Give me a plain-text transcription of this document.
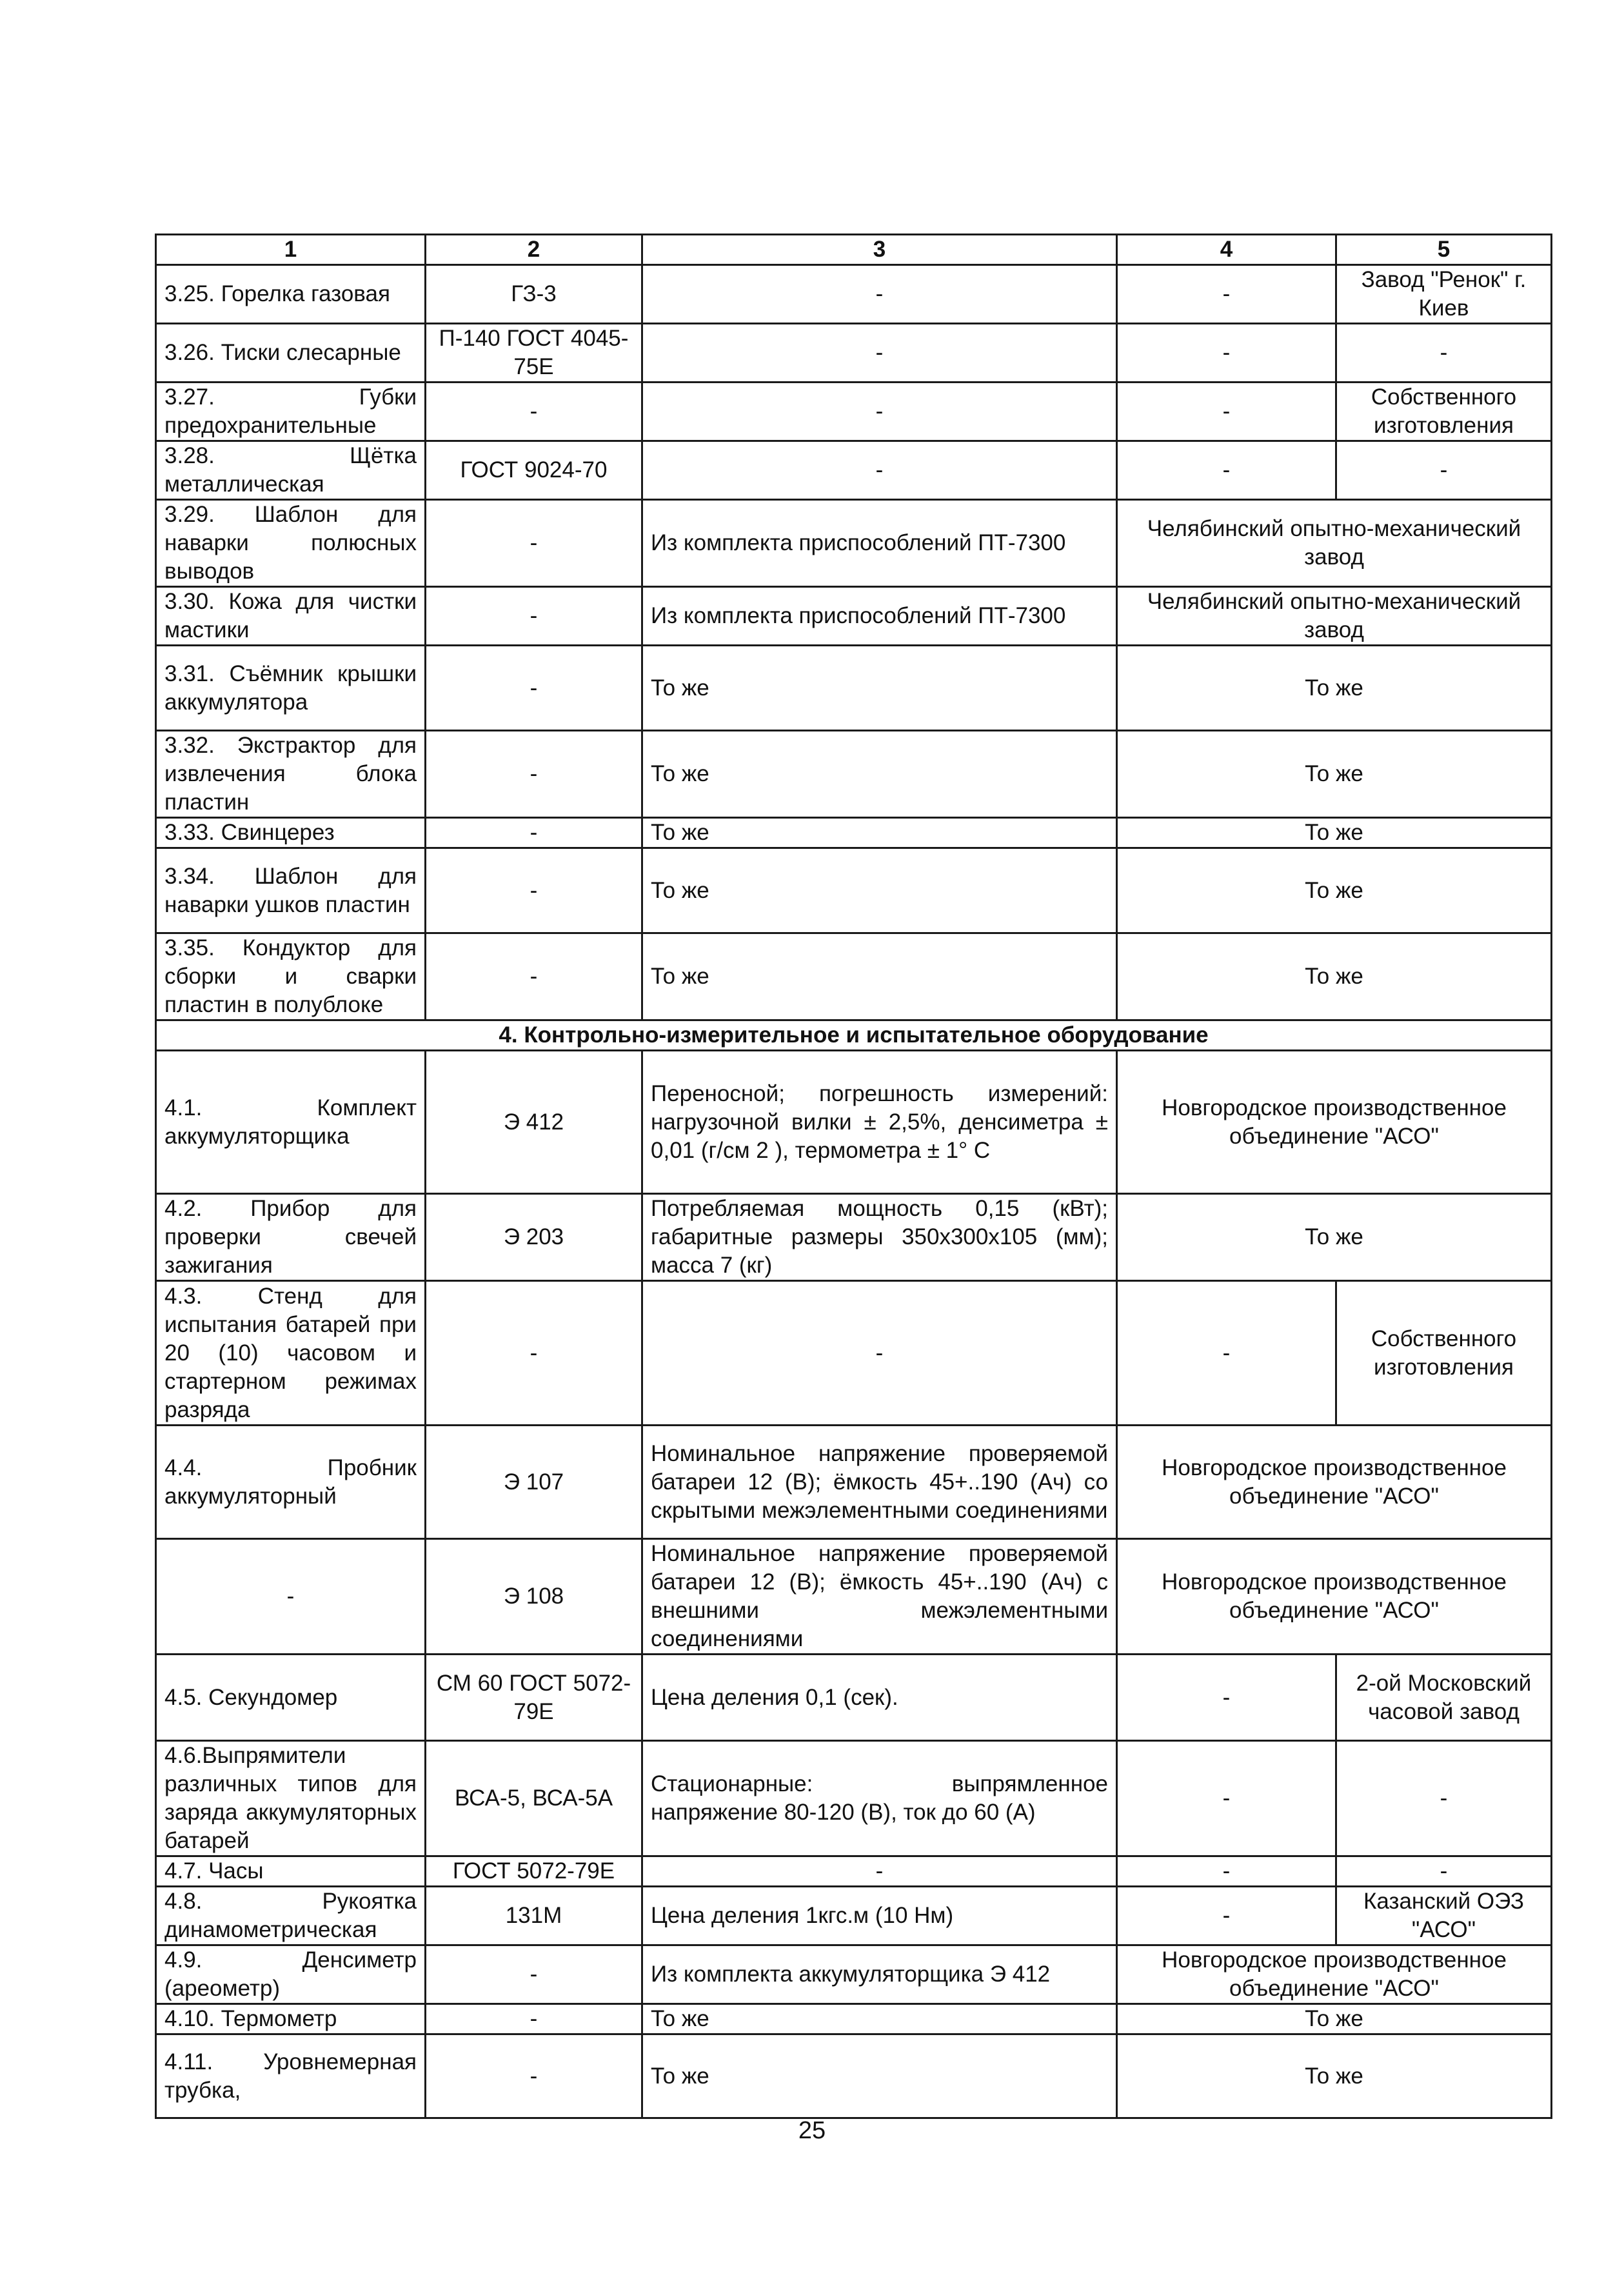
1	2	3	4	5
3.25. Горелка газовая	ГЗ-3	-	-	Завод "Ренок" г. Киев
3.26. Тиски слесарные	П-140 ГОСТ 4045-75Е	-	-	-
3.27. Губки предохранительные	-	-	-	Собственного изготовления
3.28. Щётка металлическая	ГОСТ 9024-70	-	-	-
3.29. Шаблон для наварки полюсных выводов	-	Из комплекта приспособлений ПТ-7300	Челябинский опытно-механический завод	
3.30. Кожа для чистки мастики	-	Из комплекта приспособлений ПТ-7300	Челябинский опытно-механический завод	
3.31. Съёмник крышки аккумулятора	-	То же	То же	
3.32. Экстрактор для извлечения блока пластин	-	То же	То же	
3.33. Свинцерез	-	То же	То же	
3.34. Шаблон для наварки ушков пластин	-	То же	То же	
3.35. Кондуктор для сборки и сварки пластин в полублоке	-	То же	То же	
4. Контрольно-измерительное и испытательное оборудование				
4.1. Комплект аккумуляторщика	Э 412	Переносной; погрешность измерений: нагрузочной вилки ± 2,5%, денсиметра ± 0,01 (г/см 2 ), термометра ± 1° С	Новгородское производственное объединение "АСО"	
4.2. Прибор для проверки свечей зажигания	Э 203	Потребляемая мощность 0,15 (кВт); габаритные размеры 350х300х105 (мм); масса 7 (кг)	То же	
4.3. Стенд для испытания батарей при 20 (10) часовом и стартерном режимах разряда	-	-	-	Собственного изготовления
4.4. Пробник аккумуляторный	Э 107	Номинальное напряжение проверяемой батареи 12 (В); ёмкость 45+..190 (Ач) со скрытыми межэлементными соединениями	Новгородское производственное объединение "АСО"	
-	Э 108	Номинальное напряжение проверяемой батареи 12 (В); ёмкость 45+..190 (Ач) с внешними межэлементными соединениями	Новгородское производственное объединение "АСО"	
4.5. Секундомер	СМ 60 ГОСТ 5072-79Е	Цена деления 0,1 (сек).	-	2-ой Московский часовой завод
4.6.Выпрямители различных типов для заряда аккумуляторных батарей	ВСА-5, ВСА-5А	Стационарные: выпрямленное напряжение 80-120 (В), ток до 60 (А)	-	-
4.7. Часы	ГОСТ 5072-79Е	-	-	-
4.8. Рукоятка динамометрическая	131М	Цена деления 1кгс.м (10 Нм)	-	Казанский ОЭЗ "АСО"
4.9. Денсиметр (ареометр)	-	Из комплекта аккумуляторщика Э 412	Новгородское производственное объединение "АСО"	
4.10. Термометр	-	То же	То же	
4.11. Уровнемерная трубка,	-	То же	То же	
25
